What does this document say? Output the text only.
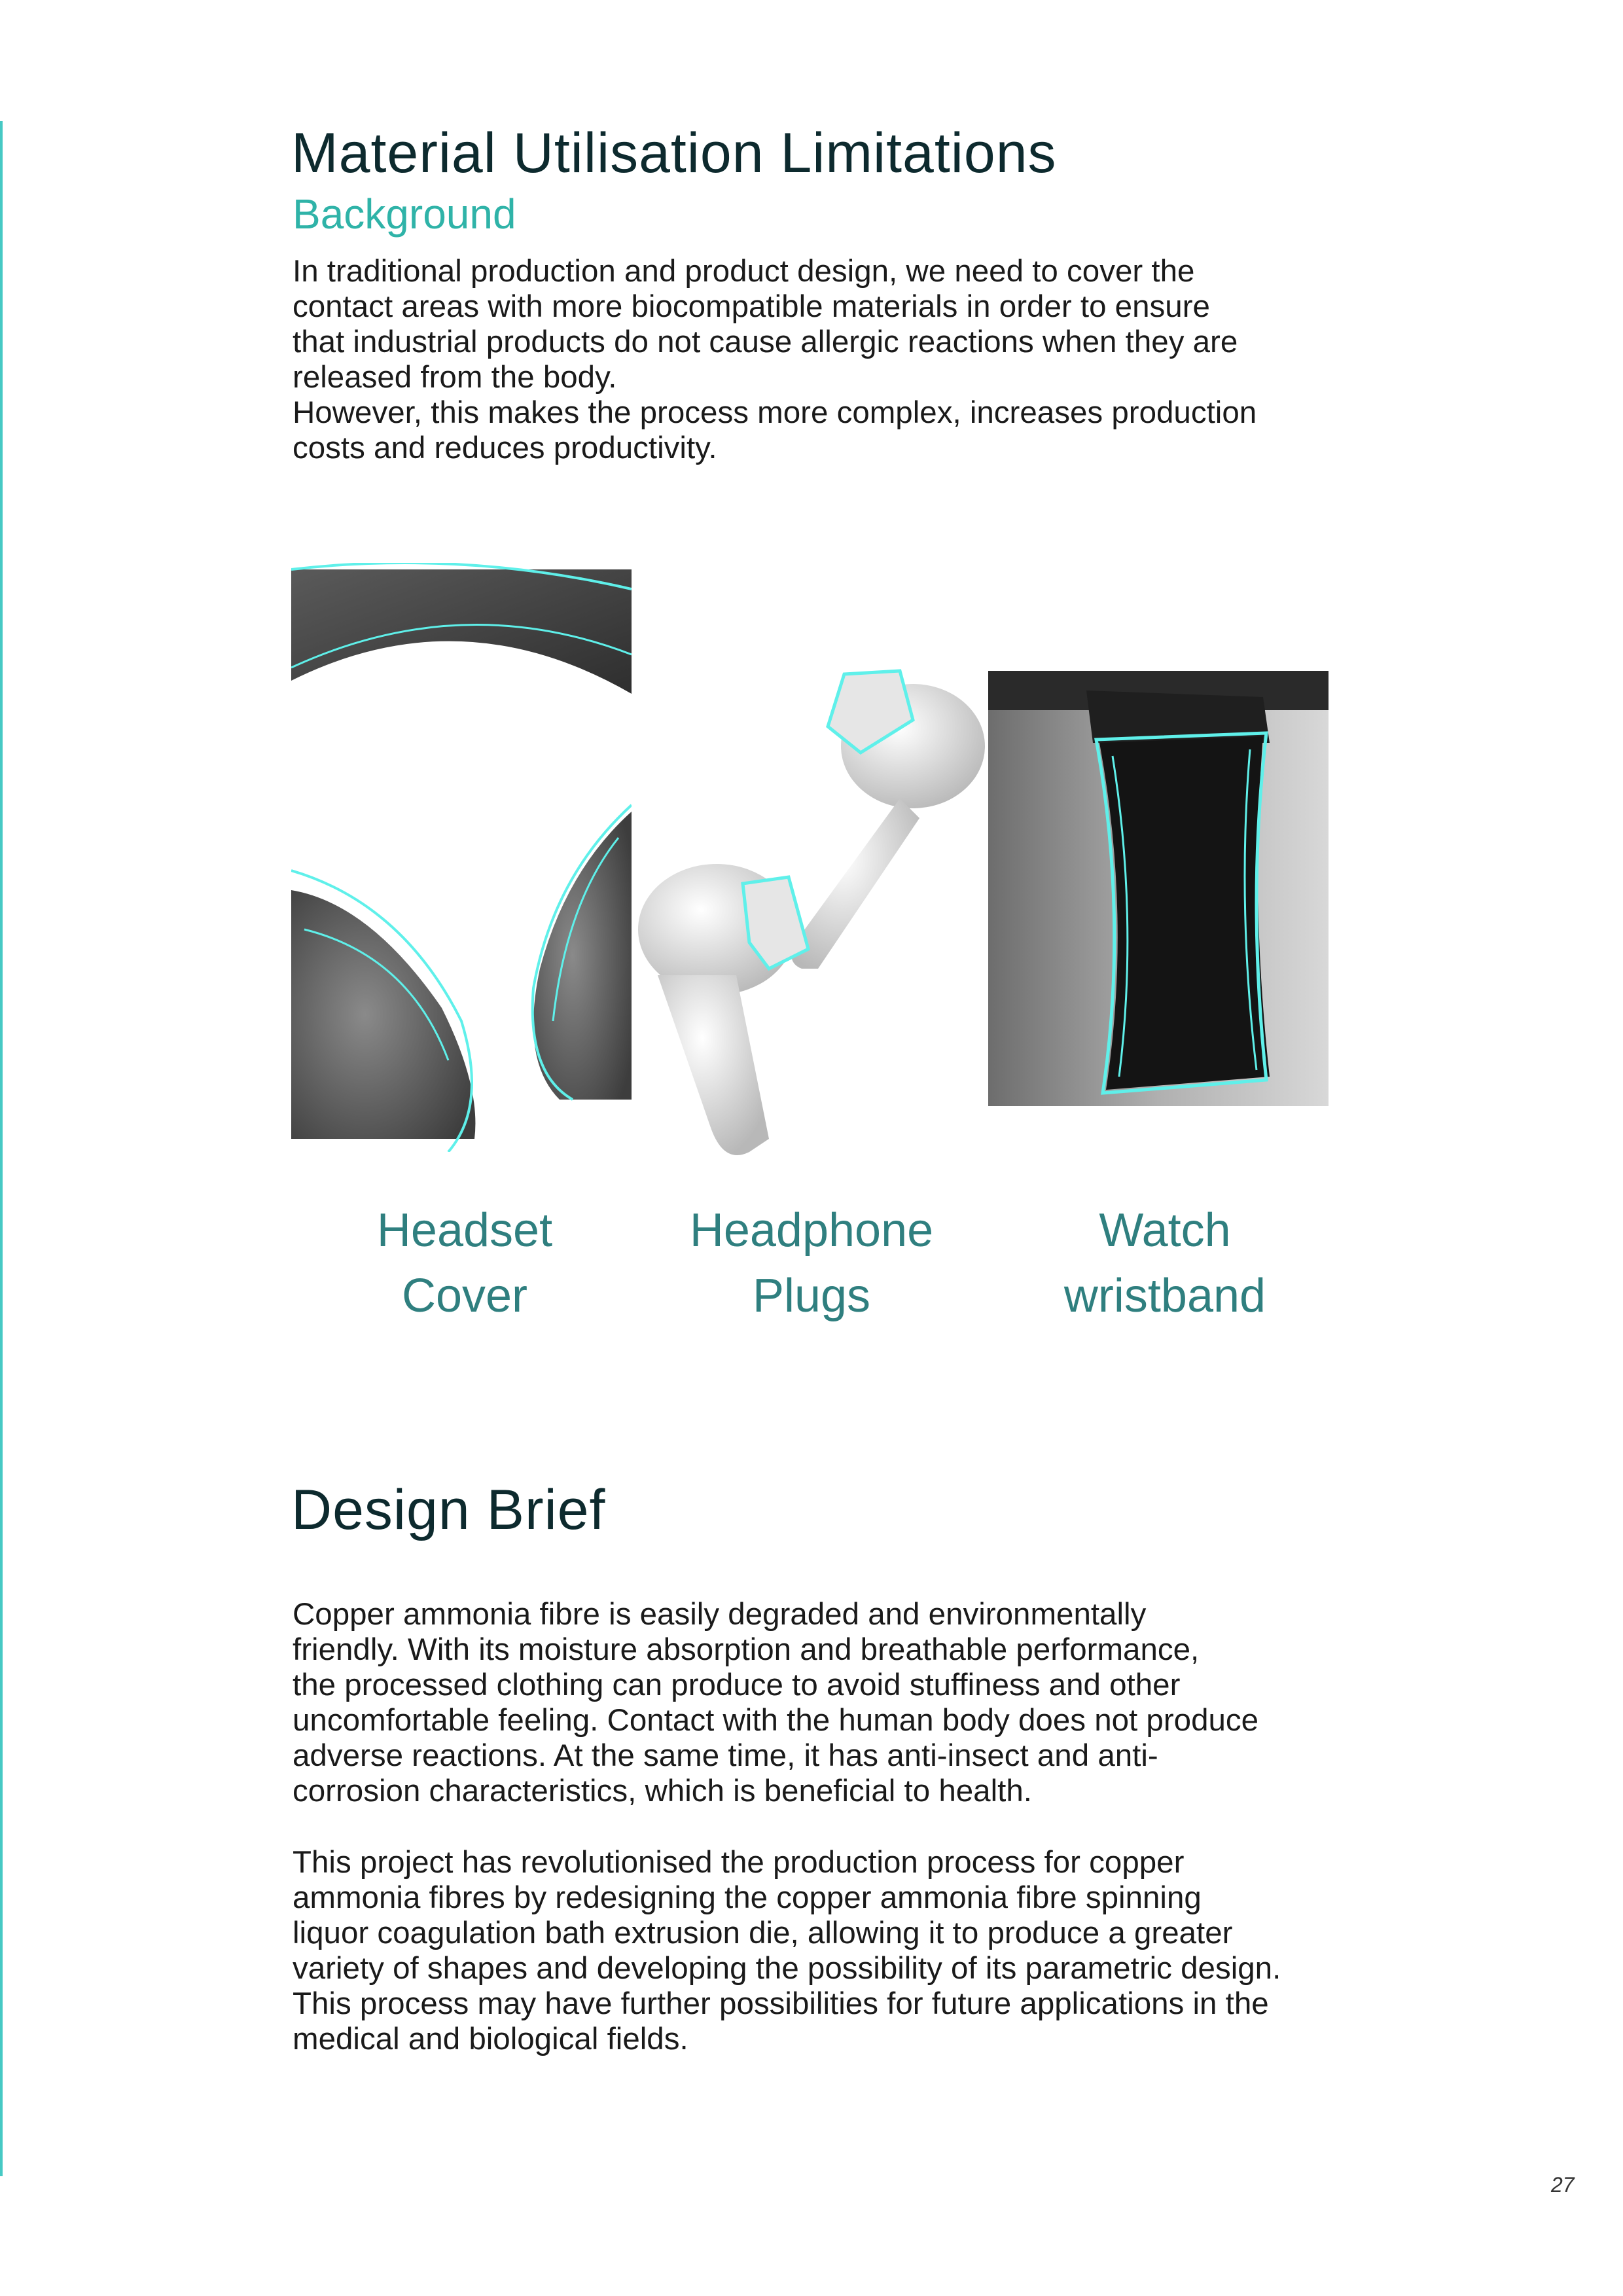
Material Utilisation Limitations
Background

In traditional production and product design, we need to cover the
contact areas with more biocompatible materials in order to ensure
that industrial products do not cause allergic reactions when they are
released from the body.

However, this makes the process more complex, increases production
costs and reduces productivity.

Headset
Cover
Headphone
Plugs
Watch
wristband
Design Brief

Copper ammonia fibre is easily degraded and environmentally
friendly. With its moisture absorption and breathable performance,
the processed clothing can produce to avoid stuffiness and other
uncomfortable feeling. Contact with the human body does not produce
adverse reactions. At the same time, it has anti-insect and anti-
corrosion characteristics, which is beneficial to health.

This project has revolutionised the production process for copper
ammonia fibres by redesigning the copper ammonia fibre spinning
liquor coagulation bath extrusion die, allowing it to produce a greater
variety of shapes and developing the possibility of its parametric design.
This process may have further possibilities for future applications in the
medical and biological fields.

27
